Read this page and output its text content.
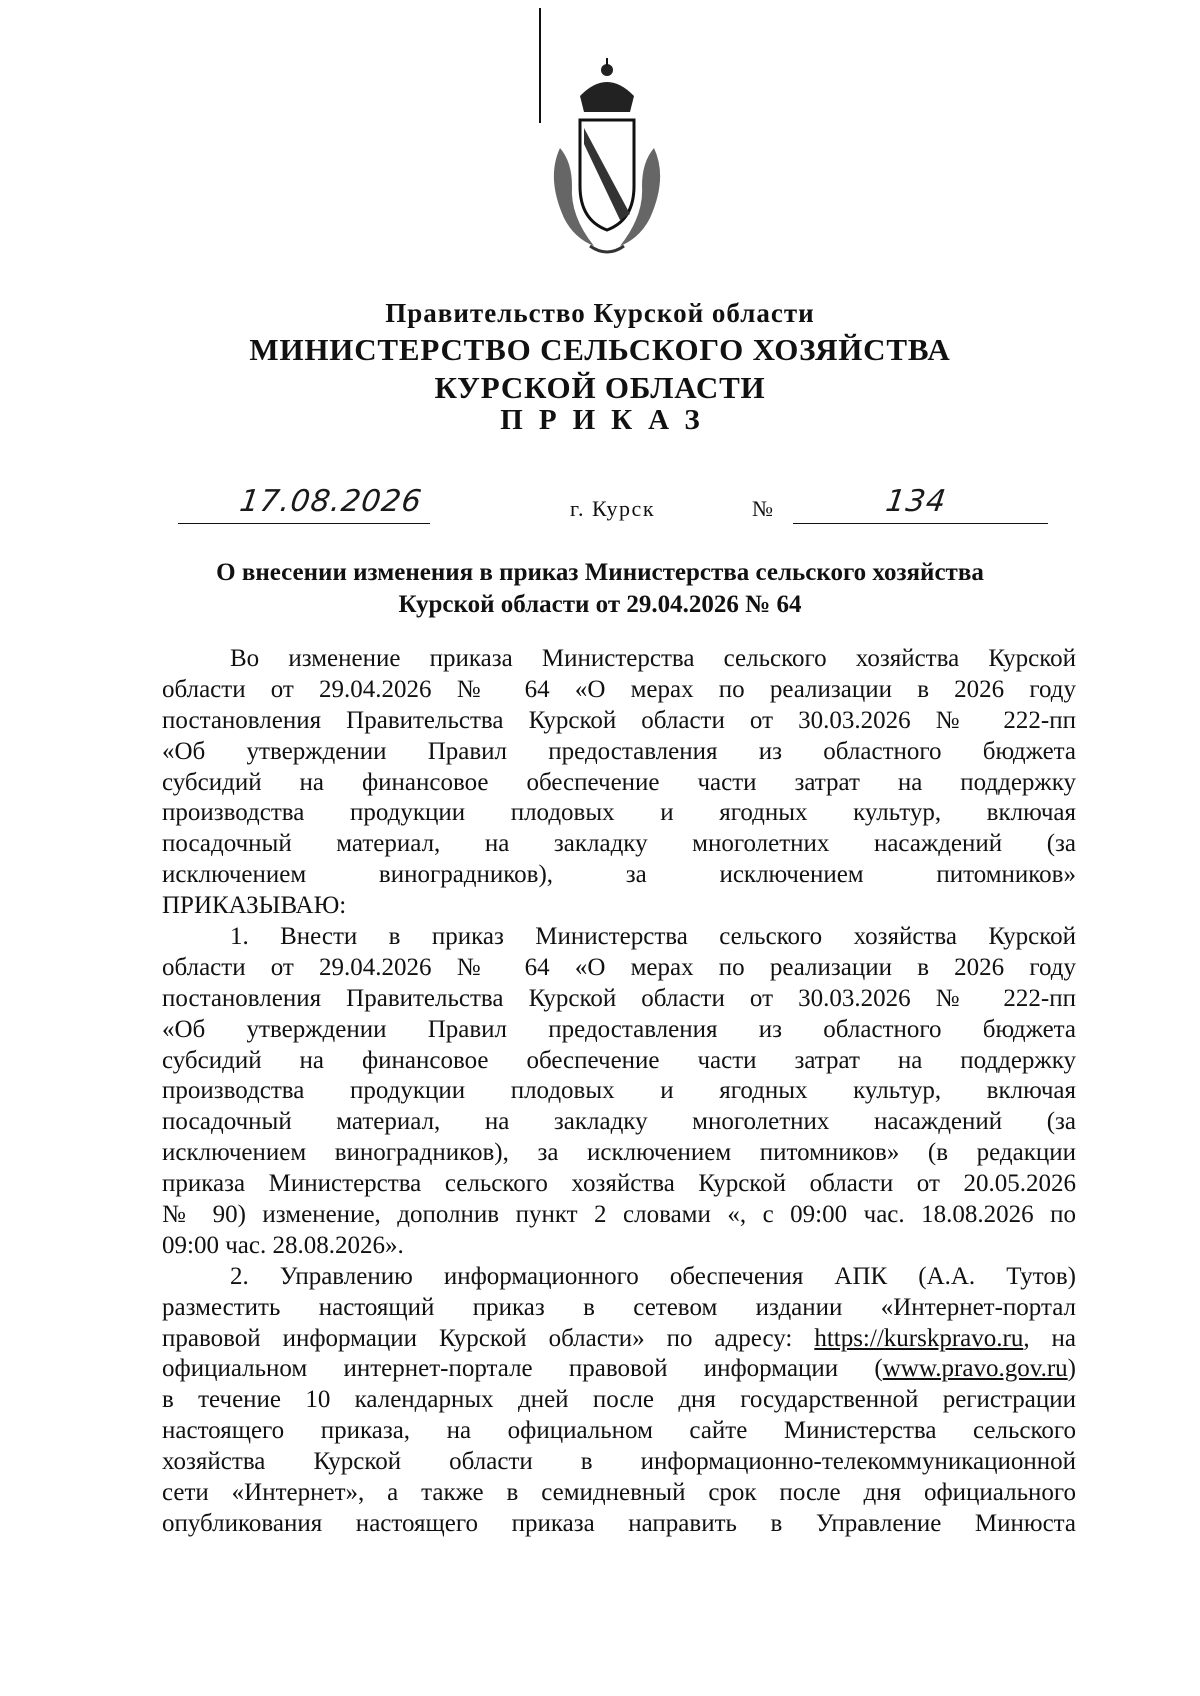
Правительство Курской области
МИНИСТЕРСТВО СЕЛЬСКОГО ХОЗЯЙСТВА
КУРСКОЙ ОБЛАСТИ
ПРИКАЗ
17.08.2026	г. Курск	№	134
О внесении изменения в приказ Министерства сельского хозяйства
Курской области от 29.04.2026 № 64
Во изменение приказа Министерства сельского хозяйства Курской
области от 29.04.2026 № 64 «О мерах по реализации в 2026 году
постановления Правительства Курской области от 30.03.2026 № 222-пп
«Об утверждении Правил предоставления из областного бюджета
субсидий на финансовое обеспечение части затрат на поддержку
производства продукции плодовых и ягодных культур, включая
посадочный материал, на закладку многолетних насаждений (за
исключением виноградников), за исключением питомников»
ПРИКАЗЫВАЮ:
1. Внести в приказ Министерства сельского хозяйства Курской
области от 29.04.2026 № 64 «О мерах по реализации в 2026 году
постановления Правительства Курской области от 30.03.2026 № 222-пп
«Об утверждении Правил предоставления из областного бюджета
субсидий на финансовое обеспечение части затрат на поддержку
производства продукции плодовых и ягодных культур, включая
посадочный материал, на закладку многолетних насаждений (за
исключением виноградников), за исключением питомников» (в редакции
приказа Министерства сельского хозяйства Курской области от 20.05.2026
№ 90) изменение, дополнив пункт 2 словами «, с 09:00 час. 18.08.2026 по
09:00 час. 28.08.2026».
2. Управлению информационного обеспечения АПК (А.А. Тутов)
разместить настоящий приказ в сетевом издании «Интернет-портал
правовой информации Курской области» по адресу: https://kurskpravo.ru, на
официальном интернет-портале правовой информации (www.pravo.gov.ru)
в течение 10 календарных дней после дня государственной регистрации
настоящего приказа, на официальном сайте Министерства сельского
хозяйства Курской области в информационно-телекоммуникационной
сети «Интернет», а также в семидневный срок после дня официального
опубликования настоящего приказа направить в Управление Минюста
